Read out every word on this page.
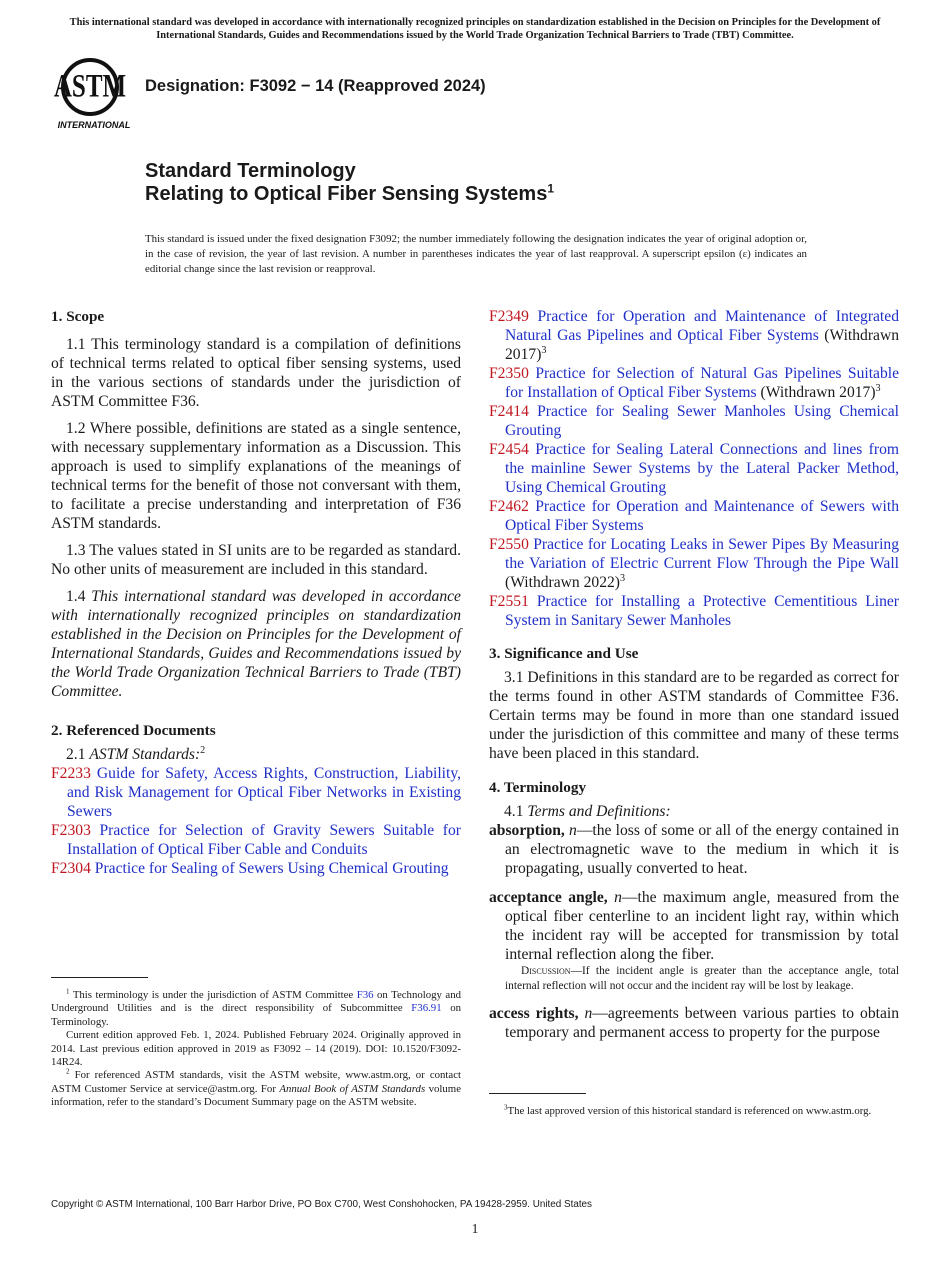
This international standard was developed in accordance with internationally recognized principles on standardization established in the Decision on Principles for the Development of International Standards, Guides and Recommendations issued by the World Trade Organization Technical Barriers to Trade (TBT) Committee.
ASTM
INTERNATIONAL
Designation: F3092 − 14 (Reapproved 2024)
Standard Terminology
Relating to Optical Fiber Sensing Systems$^1$
This standard is issued under the fixed designation F3092; the number immediately following the designation indicates the year of original adoption or, in the case of revision, the year of last revision. A number in parentheses indicates the year of last reapproval. A superscript epsilon (ε) indicates an editorial change since the last revision or reapproval.
1. Scope

1.1 This terminology standard is a compilation of definitions of technical terms related to optical fiber sensing systems, used in the various sections of standards under the jurisdiction of ASTM Committee F36.

1.2 Where possible, definitions are stated as a single sentence, with necessary supplementary information as a Discussion. This approach is used to simplify explanations of the meanings of technical terms for the benefit of those not conversant with them, to facilitate a precise understanding and interpretation of F36 ASTM standards.

1.3 The values stated in SI units are to be regarded as standard. No other units of measurement are included in this standard.

1.4 This international standard was developed in accordance with internationally recognized principles on standardization established in the Decision on Principles for the Development of International Standards, Guides and Recommendations issued by the World Trade Organization Technical Barriers to Trade (TBT) Committee.

2. Referenced Documents
2.1 ASTM Standards:$^2$
F2233 Guide for Safety, Access Rights, Construction, Liability, and Risk Management for Optical Fiber Networks in Existing Sewers
F2303 Practice for Selection of Gravity Sewers Suitable for Installation of Optical Fiber Cable and Conduits
F2304 Practice for Sealing of Sewers Using Chemical Grouting
$^1$ This terminology is under the jurisdiction of ASTM Committee F36 on Technology and Underground Utilities and is the direct responsibility of Subcommittee F36.91 on Terminology.
Current edition approved Feb. 1, 2024. Published February 2024. Originally approved in 2014. Last previous edition approved in 2019 as F3092 – 14 (2019). DOI: 10.1520/F3092-14R24.
$^2$ For referenced ASTM standards, visit the ASTM website, www.astm.org, or contact ASTM Customer Service at service@astm.org. For Annual Book of ASTM Standards volume information, refer to the standard’s Document Summary page on the ASTM website.
F2349 Practice for Operation and Maintenance of Integrated Natural Gas Pipelines and Optical Fiber Systems (Withdrawn 2017)$^3$
F2350 Practice for Selection of Natural Gas Pipelines Suitable for Installation of Optical Fiber Systems (Withdrawn 2017)$^3$
F2414 Practice for Sealing Sewer Manholes Using Chemical Grouting
F2454 Practice for Sealing Lateral Connections and lines from the mainline Sewer Systems by the Lateral Packer Method, Using Chemical Grouting
F2462 Practice for Operation and Maintenance of Sewers with Optical Fiber Systems
F2550 Practice for Locating Leaks in Sewer Pipes By Measuring the Variation of Electric Current Flow Through the Pipe Wall (Withdrawn 2022)$^3$
F2551 Practice for Installing a Protective Cementitious Liner System in Sanitary Sewer Manholes
3. Significance and Use

3.1 Definitions in this standard are to be regarded as correct for the terms found in other ASTM standards of Committee F36. Certain terms may be found in more than one standard issued under the jurisdiction of this committee and many of these terms have been placed in this standard.

4. Terminology
4.1 Terms and Definitions:
absorption, n—the loss of some or all of the energy contained in an electromagnetic wave to the medium in which it is propagating, usually converted to heat.
acceptance angle, n—the maximum angle, measured from the optical fiber centerline to an incident light ray, within which the incident ray will be accepted for transmission by total internal reflection along the fiber.
Discussion—If the incident angle is greater than the acceptance angle, total internal reflection will not occur and the incident ray will be lost by leakage.
access rights, n—agreements between various parties to obtain temporary and permanent access to property for the purpose
$^3$The last approved version of this historical standard is referenced on www.astm.org.
Copyright © ASTM International, 100 Barr Harbor Drive, PO Box C700, West Conshohocken, PA 19428-2959. United States
1
